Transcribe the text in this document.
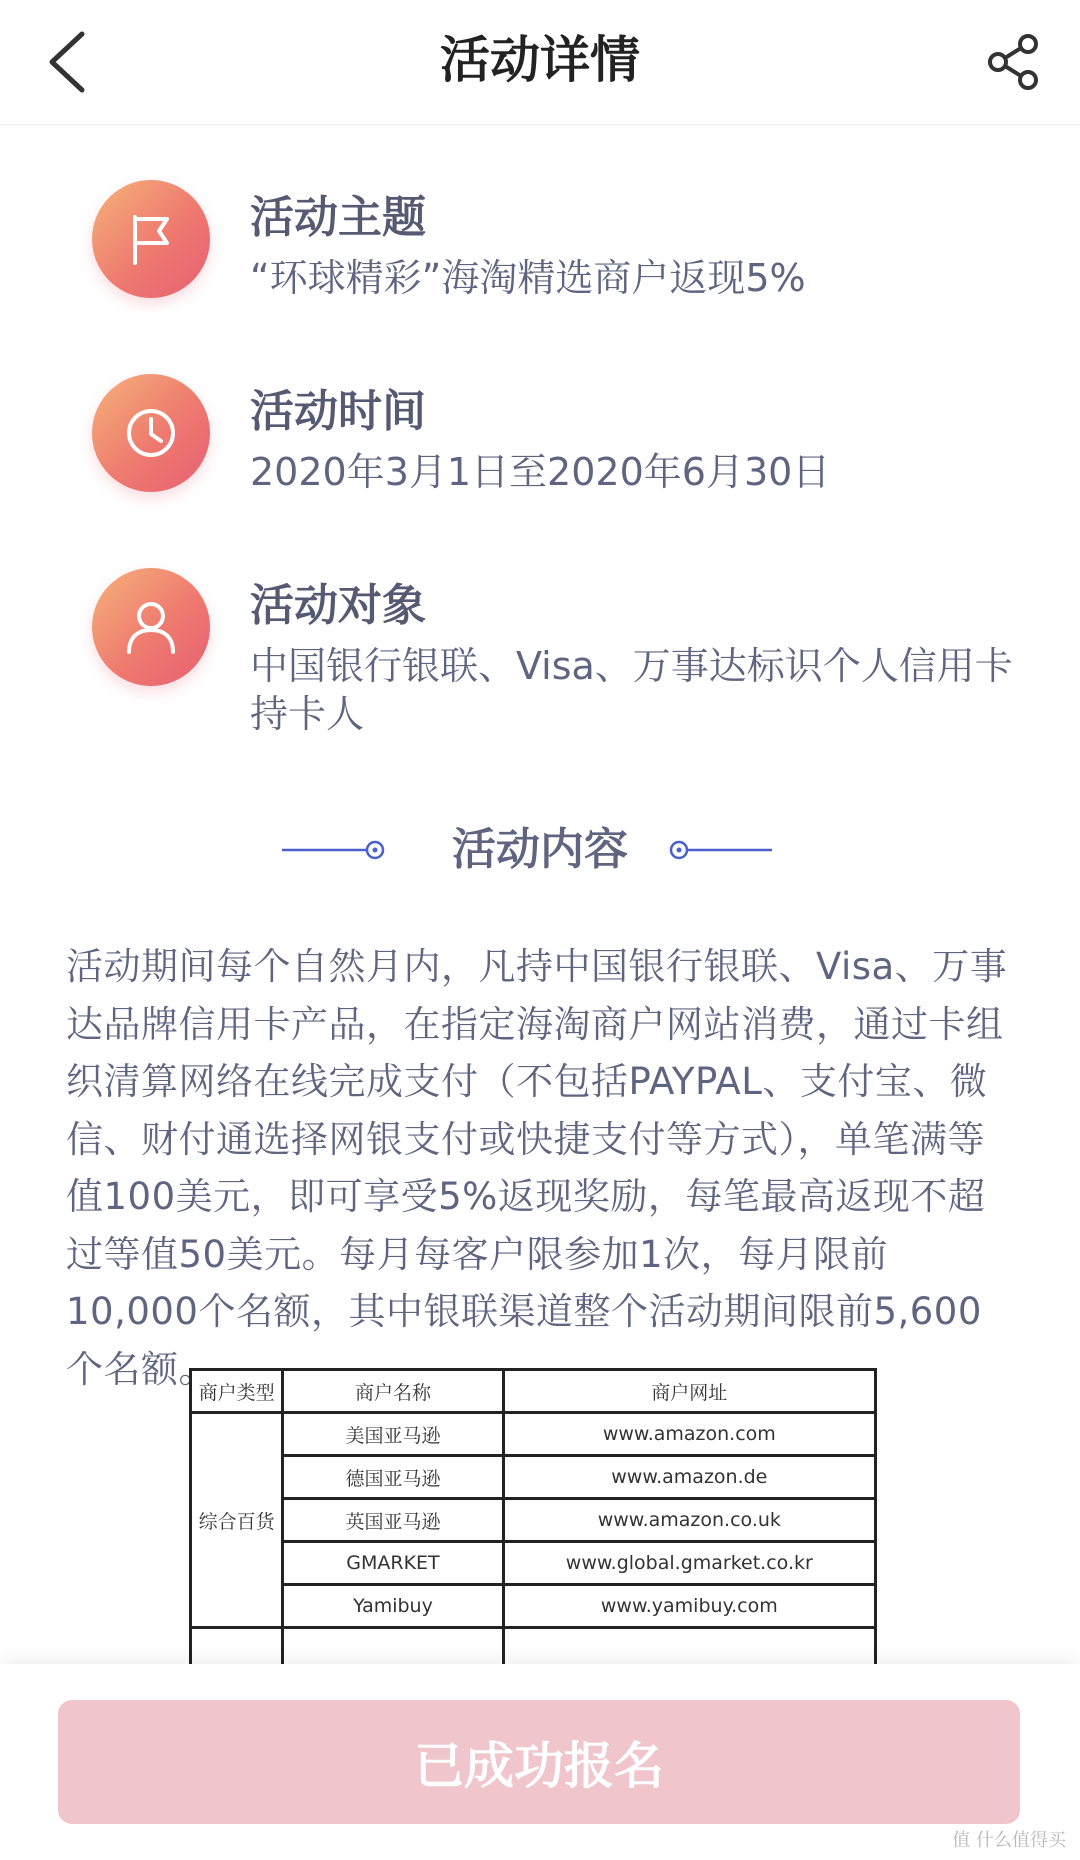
活动详情
活动主题
“环球精彩”海淘精选商户返现5%
活动时间
2020年3月1日至2020年6月30日
活动对象
中国银行银联、Visa、万事达标识个人信用卡持卡人
活动内容
活动期间每个自然月内，凡持中国银行银联、Visa、万事达品牌信用卡产品，在指定海淘商户网站消费，通过卡组织清算网络在线完成支付（不包括PAYPAL、支付宝、微信、财付通选择网银支付或快捷支付等方式），单笔满等值100美元，即可享受5%返现奖励，每笔最高返现不超过等值50美元。每月每客户限参加1次，每月限前10,000个名额，其中银联渠道整个活动期间限前5,600个名额。
商户类型	商户名称	商户网址
综合百货	美国亚马逊	www.amazon.com
	德国亚马逊	www.amazon.de
	英国亚马逊	www.amazon.co.uk
	GMARKET	www.global.gmarket.co.kr
	Yamibuy	www.yamibuy.com

已成功报名
值 什么值得买
